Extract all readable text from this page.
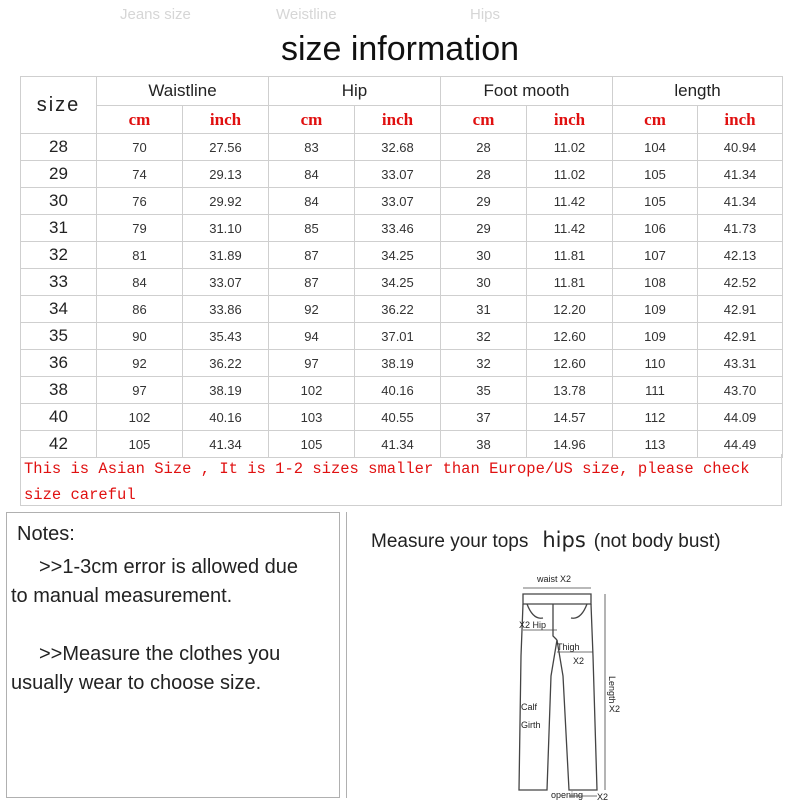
Jeans size	Weistline	Hips
size information
size	Waistline		Hip		Foot mooth		length	
	cm	inch	cm	inch	cm	inch	cm	inch
28	70	27.56	83	32.68	28	11.02	104	40.94
29	74	29.13	84	33.07	28	11.02	105	41.34
30	76	29.92	84	33.07	29	11.42	105	41.34
31	79	31.10	85	33.46	29	11.42	106	41.73
32	81	31.89	87	34.25	30	11.81	107	42.13
33	84	33.07	87	34.25	30	11.81	108	42.52
34	86	33.86	92	36.22	31	12.20	109	42.91
35	90	35.43	94	37.01	32	12.60	109	42.91
36	92	36.22	97	38.19	32	12.60	110	43.31
38	97	38.19	102	40.16	35	13.78	111	43.70
40	102	40.16	103	40.55	37	14.57	112	44.09
42	105	41.34	105	41.34	38	14.96	113	44.49
This is Asian Size , It is 1-2 sizes smaller than Europe/US size, please check size careful
Notes:
>>1-3cm error is allowed due
to manual measurement.
>>Measure the clothes you
usually wear to choose size.
Measure your tops hips (not body bust)
waist X2
X2 Hip
Thigh
X2
Length
X2
Calf
Girth
opening X2
